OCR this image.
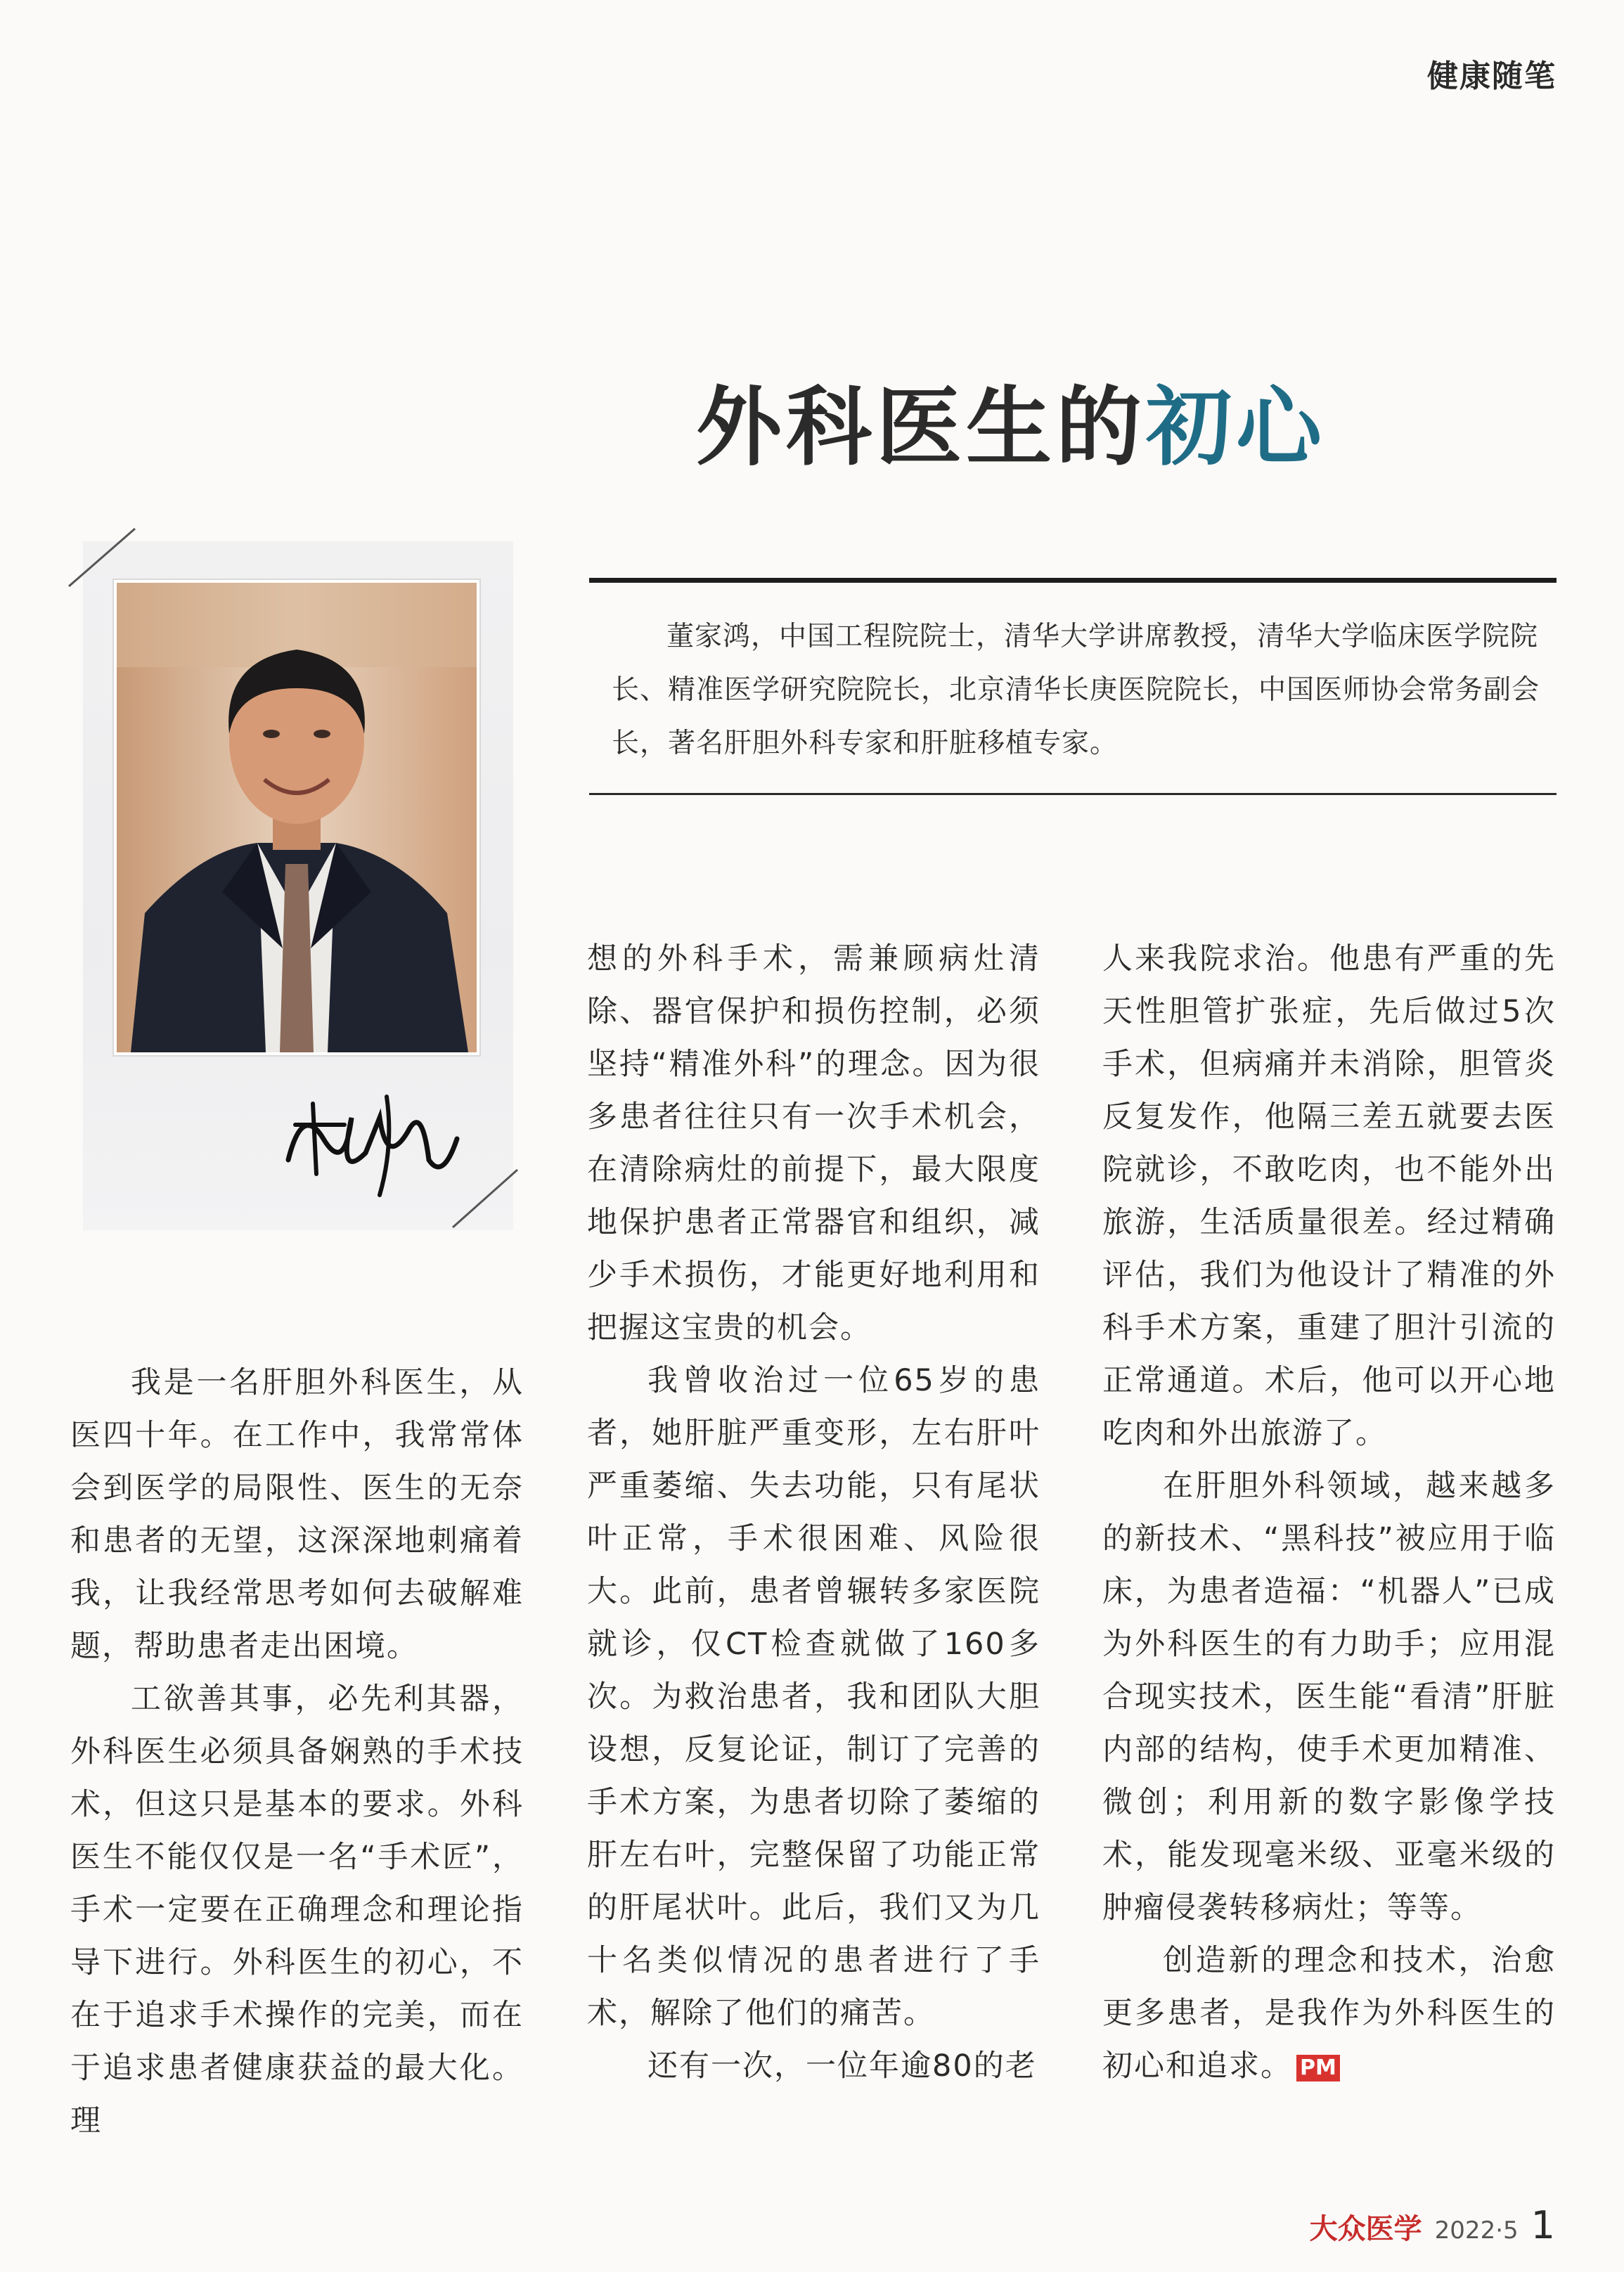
健康随笔
外科医生的初心
董家鸿，中国工程院院士，清华大学讲席教授，清华大学临床医学院院长、精准医学研究院院长，北京清华长庚医院院长，中国医师协会常务副会长，著名肝胆外科专家和肝脏移植专家。

我是一名肝胆外科医生，从医四十年。在工作中，我常常体会到医学的局限性、医生的无奈和患者的无望，这深深地刺痛着我，让我经常思考如何去破解难题，帮助患者走出困境。

工欲善其事，必先利其器，外科医生必须具备娴熟的手术技术，但这只是基本的要求。外科医生不能仅仅是一名“手术匠”，手术一定要在正确理念和理论指导下进行。外科医生的初心，不在于追求手术操作的完美，而在于追求患者健康获益的最大化。理

想的外科手术，需兼顾病灶清除、器官保护和损伤控制，必须坚持“精准外科”的理念。因为很多患者往往只有一次手术机会，在清除病灶的前提下，最大限度地保护患者正常器官和组织，减少手术损伤，才能更好地利用和把握这宝贵的机会。

我曾收治过一位65岁的患者，她肝脏严重变形，左右肝叶严重萎缩、失去功能，只有尾状叶正常，手术很困难、风险很大。此前，患者曾辗转多家医院就诊，仅CT检查就做了160多次。为救治患者，我和团队大胆设想，反复论证，制订了完善的手术方案，为患者切除了萎缩的肝左右叶，完整保留了功能正常的肝尾状叶。此后，我们又为几十名类似情况的患者进行了手术，解除了他们的痛苦。

还有一次，一位年逾80的老

人来我院求治。他患有严重的先天性胆管扩张症，先后做过5次手术，但病痛并未消除，胆管炎反复发作，他隔三差五就要去医院就诊，不敢吃肉，也不能外出旅游，生活质量很差。经过精确评估，我们为他设计了精准的外科手术方案，重建了胆汁引流的正常通道。术后，他可以开心地吃肉和外出旅游了。

在肝胆外科领域，越来越多的新技术、“黑科技”被应用于临床，为患者造福：“机器人”已成为外科医生的有力助手；应用混合现实技术，医生能“看清”肝脏内部的结构，使手术更加精准、微创；利用新的数字影像学技术，能发现毫米级、亚毫米级的肿瘤侵袭转移病灶；等等。

创造新的理念和技术，治愈更多患者，是我作为外科医生的初心和追求。 PM

大众医学 2022·5 1
